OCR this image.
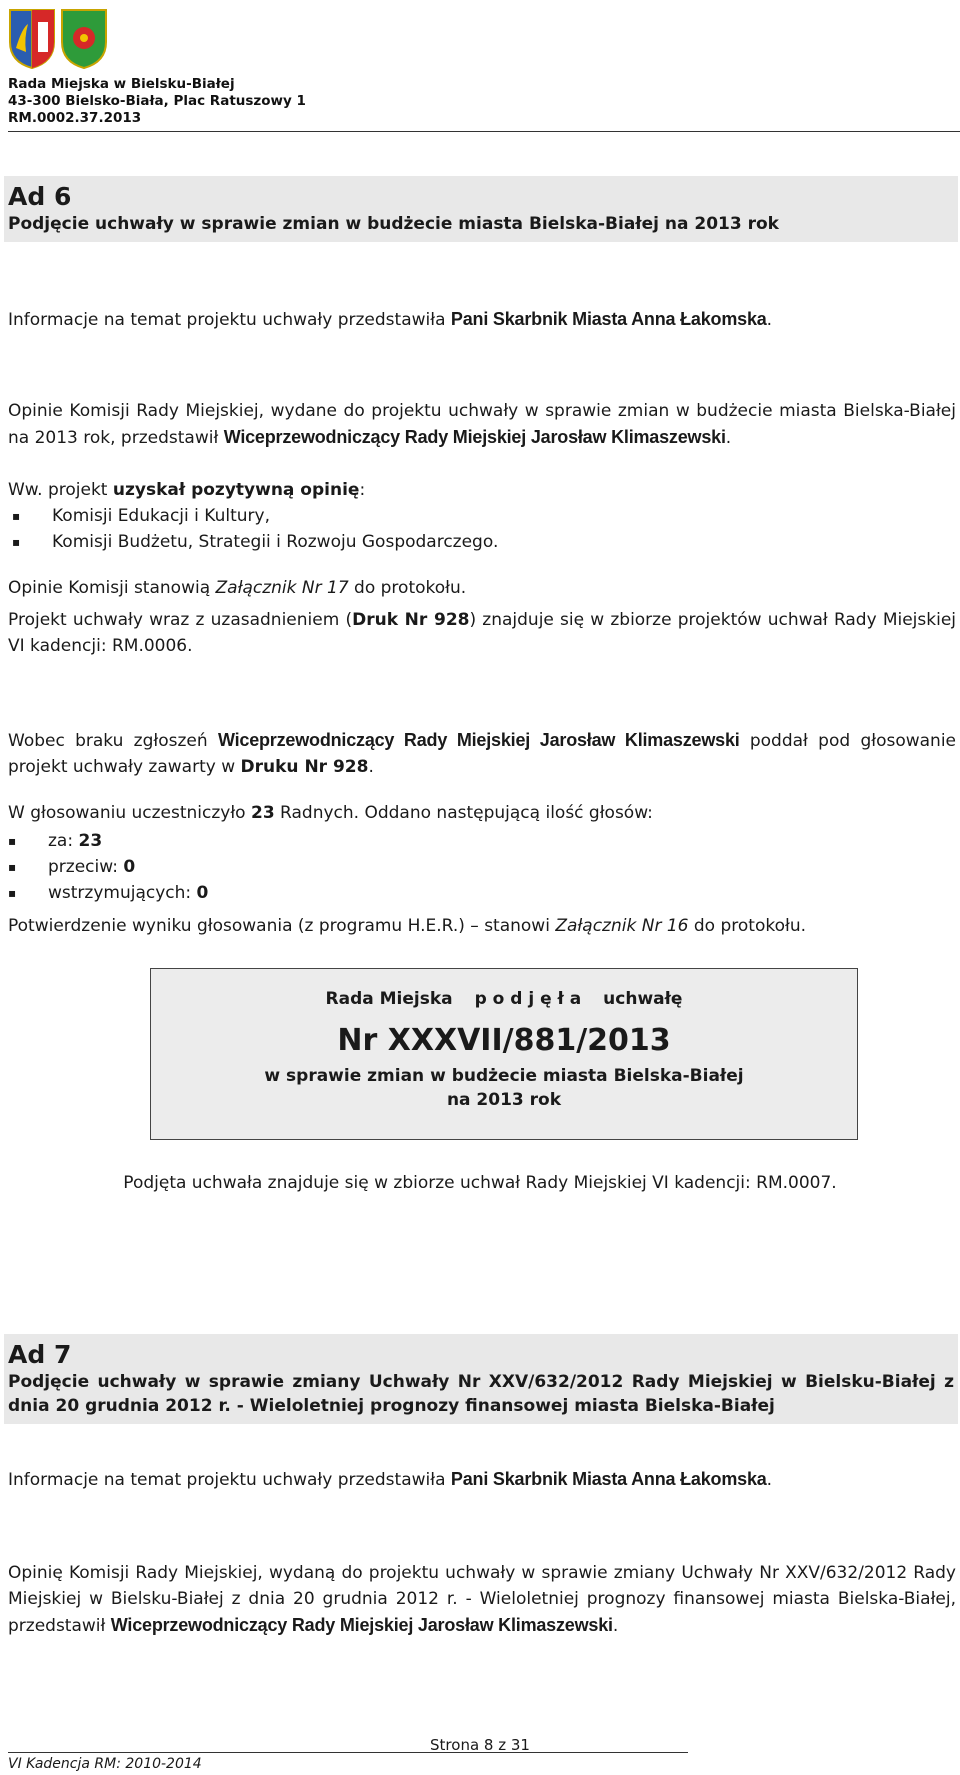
Rada Miejska w Bielsku-Białej
43-300 Bielsko-Biała, Plac Ratuszowy 1
RM.0002.37.2013
Ad 6
Podjęcie uchwały w sprawie zmian w budżecie miasta Bielska-Białej na 2013 rok
Informacje na temat projektu uchwały przedstawiła Pani Skarbnik Miasta Anna Łakomska.
Opinie Komisji Rady Miejskiej, wydane do projektu uchwały w sprawie zmian w budżecie miasta Bielska-Białej na 2013 rok, przedstawił Wiceprzewodniczący Rady Miejskiej Jarosław Klimaszewski.
Ww. projekt uzyskał pozytywną opinię:
▪ Komisji Edukacji i Kultury,
▪ Komisji Budżetu, Strategii i Rozwoju Gospodarczego.
Opinie Komisji stanowią Załącznik Nr 17 do protokołu.
Projekt uchwały wraz z uzasadnieniem (Druk Nr 928) znajduje się w zbiorze projektów uchwał Rady Miejskiej VI kadencji: RM.0006.
Wobec braku zgłoszeń Wiceprzewodniczący Rady Miejskiej Jarosław Klimaszewski poddał pod głosowanie projekt uchwały zawarty w Druku Nr 928.
W głosowaniu uczestniczyło 23 Radnych. Oddano następującą ilość głosów:
▪ za: 23
▪ przeciw: 0
▪ wstrzymujących: 0
Potwierdzenie wyniku głosowania (z programu H.E.R.) – stanowi Załącznik Nr 16 do protokołu.
Rada Miejska p o d j ę ł a uchwałę
Nr XXXVII/881/2013
w sprawie zmian w budżecie miasta Bielska-Białej
na 2013 rok
Podjęta uchwała znajduje się w zbiorze uchwał Rady Miejskiej VI kadencji: RM.0007.
Ad 7
Podjęcie uchwały w sprawie zmiany Uchwały Nr XXV/632/2012 Rady Miejskiej w Bielsku-Białej z dnia 20 grudnia 2012 r. - Wieloletniej prognozy finansowej miasta Bielska-Białej
Informacje na temat projektu uchwały przedstawiła Pani Skarbnik Miasta Anna Łakomska.
Opinię Komisji Rady Miejskiej, wydaną do projektu uchwały w sprawie zmiany Uchwały Nr XXV/632/2012 Rady Miejskiej w Bielsku-Białej z dnia 20 grudnia 2012 r. - Wieloletniej prognozy finansowej miasta Bielska-Białej, przedstawił Wiceprzewodniczący Rady Miejskiej Jarosław Klimaszewski.
Strona 8 z 31
VI Kadencja RM: 2010-2014
